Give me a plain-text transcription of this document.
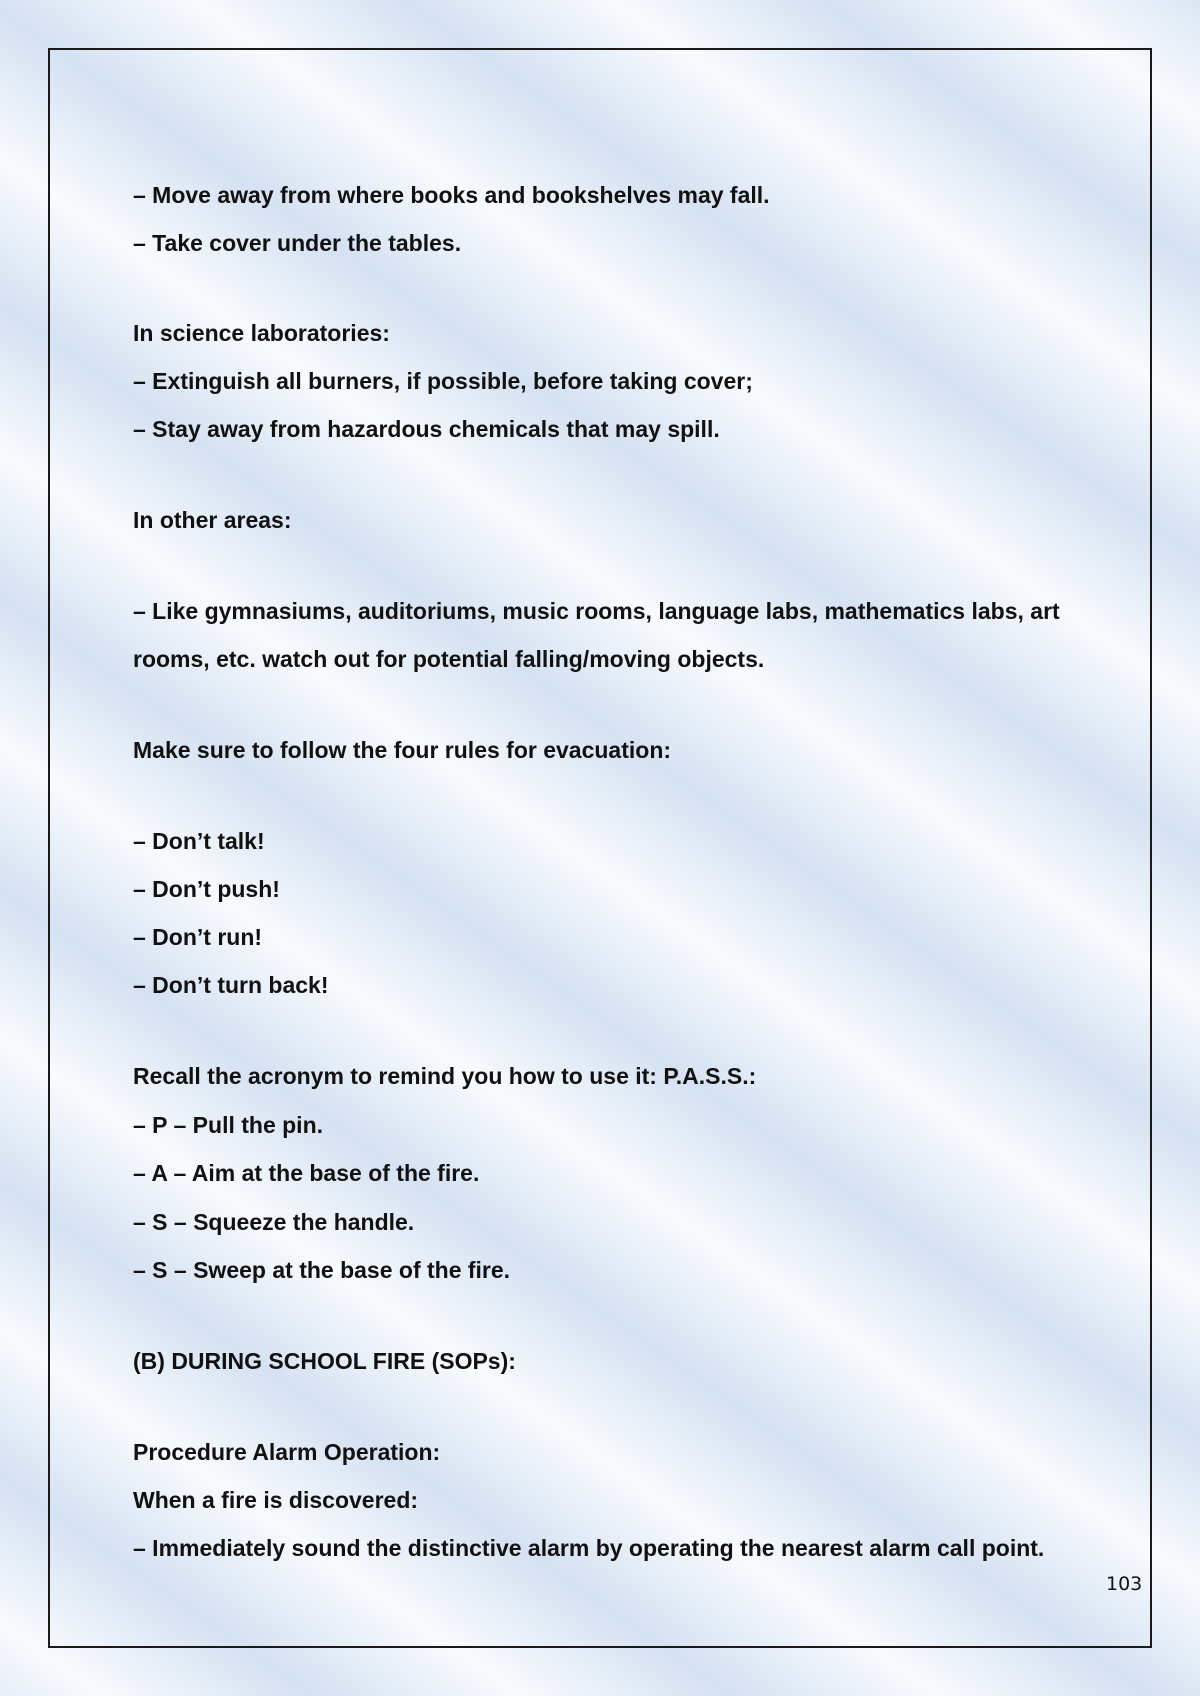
– Move away from where books and bookshelves may fall.
– Take cover under the tables.
In science laboratories:
– Extinguish all burners, if possible, before taking cover;
– Stay away from hazardous chemicals that may spill.
In other areas:
– Like gymnasiums, auditoriums, music rooms, language labs, mathematics labs, art
rooms, etc. watch out for potential falling/moving objects.
Make sure to follow the four rules for evacuation:
– Don’t talk!
– Don’t push!
– Don’t run!
– Don’t turn back!
Recall the acronym to remind you how to use it: P.A.S.S.:
– P – Pull the pin.
– A – Aim at the base of the fire.
– S – Squeeze the handle.
– S – Sweep at the base of the fire.
(B) DURING SCHOOL FIRE (SOPs):
Procedure Alarm Operation:
When a fire is discovered:
– Immediately sound the distinctive alarm by operating the nearest alarm call point.
103
